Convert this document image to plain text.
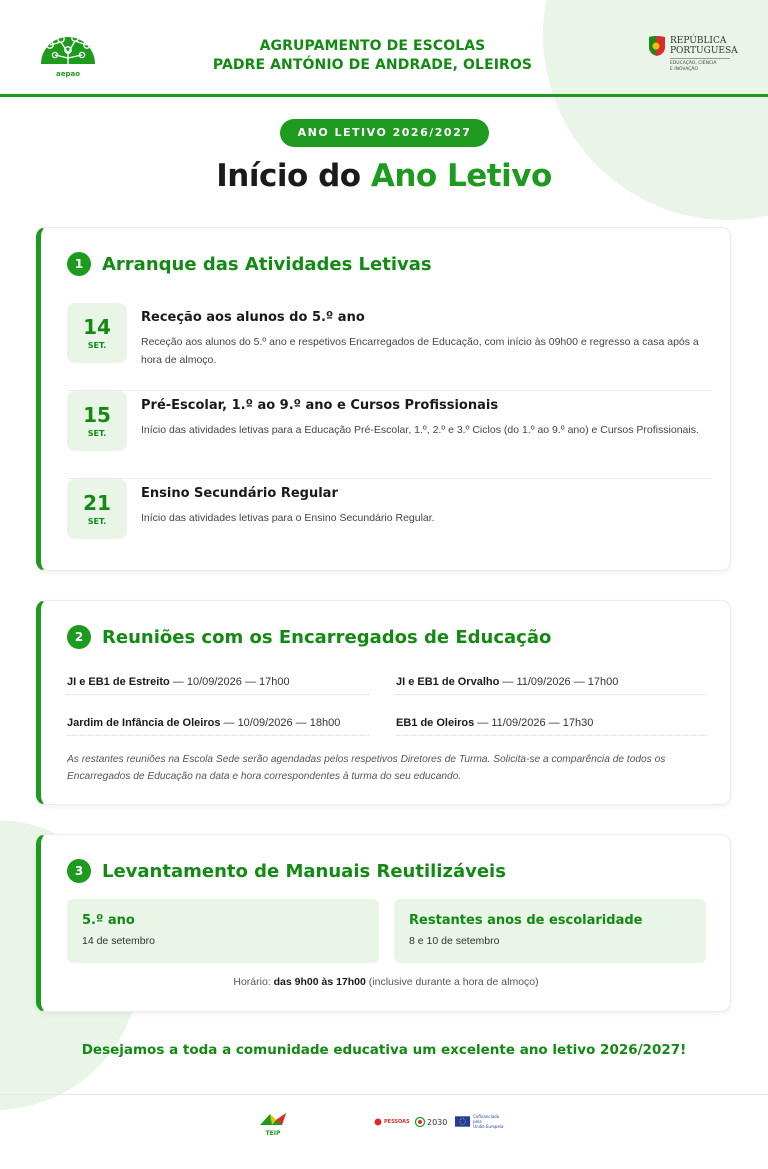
aepao
AGRUPAMENTO DE ESCOLAS
PADRE ANTÓNIO DE ANDRADE, OLEIROS
REPÚBLICA
PORTUGUESA
EDUCAÇÃO, CIÊNCIA
E INOVAÇÃO
ANO LETIVO 2026/2027
Início do Ano Letivo
1	Arranque das Atividades Letivas
14
SET.
Receção aos alunos do 5.º ano
Receção aos alunos do 5.º ano e respetivos Encarregados de Educação, com início às 09h00 e regresso a casa após a hora de almoço.
15
SET.
Pré-Escolar, 1.º ao 9.º ano e Cursos Profissionais
Início das atividades letivas para a Educação Pré-Escolar, 1.º, 2.º e 3.º Ciclos (do 1.º ao 9.º ano) e Cursos Profissionais.
21
SET.
Ensino Secundário Regular
Início das atividades letivas para o Ensino Secundário Regular.
2	Reuniões com os Encarregados de Educação
JI e EB1 de Estreito — 10/09/2026 — 17h00	JI e EB1 de Orvalho — 11/09/2026 — 17h00
Jardim de Infância de Oleiros — 10/09/2026 — 18h00	EB1 de Oleiros — 11/09/2026 — 17h30

As restantes reuniões na Escola Sede serão agendadas pelos respetivos Diretores de Turma. Solicita-se a comparência de todos os Encarregados de Educação na data e hora correspondentes à turma do seu educando.

3	Levantamento de Manuais Reutilizáveis
5.º ano
14 de setembro
Restantes anos de escolaridade
8 e 10 de setembro
Horário: das 9h00 às 17h00 (inclusive durante a hora de almoço)

Desejamos a toda a comunidade educativa um excelente ano letivo 2026/2027!

TEIP
PESSOAS 2030
Cofinanciado pela
União Europeia
